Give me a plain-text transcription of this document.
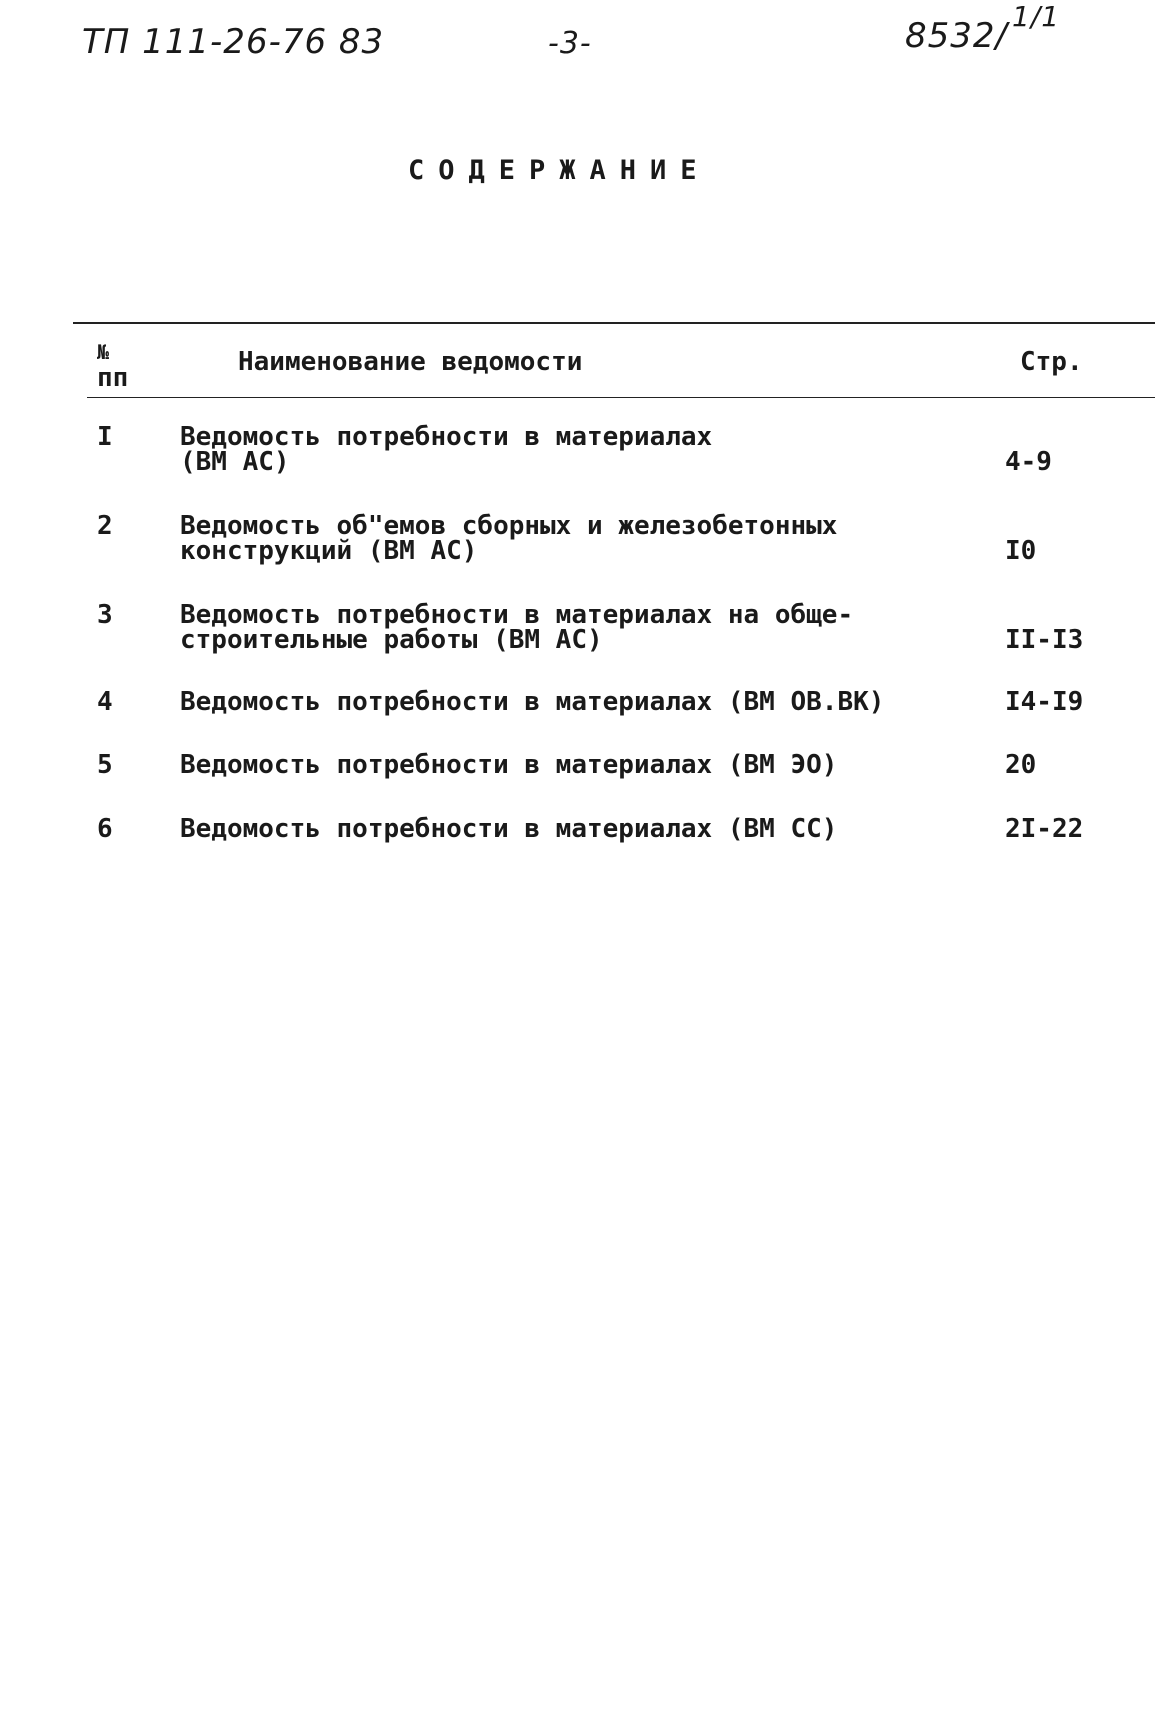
ТП 111-26-76 83	-3-	8532/ 1/1
СОДЕРЖАНИЕ
№
пп
Наименование ведомости	Стр.
I	Ведомость потребности в материалах
(ВМ АС)	4-9
2	Ведомость об"емов сборных и железобетонных
конструкций (ВМ АС)	I0
3	Ведомость потребности в материалах на обще-
строительные работы (ВМ АС)	II-I3
4	Ведомость потребности в материалах (ВМ ОВ.ВК)	I4-I9
5	Ведомость потребности в материалах (ВМ ЭО)	20
6	Ведомость потребности в материалах (ВМ СС)	2I-22
